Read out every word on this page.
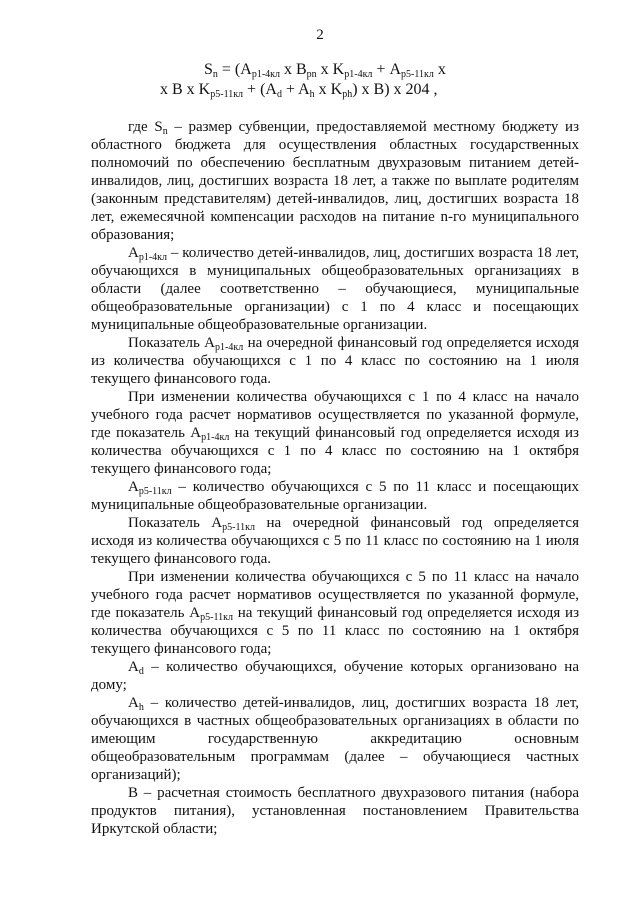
2
$S_n = (A_{p1-4кл}$ x $B_{pn}$ x $K_{p1-4кл} + A_{p5-11кл}$ x
x B x $K_{p5-11кл} + (A_d + A_h$ x $K_{ph}$) x B) x 204 ,

где $S_n$ – размер субвенции, предоставляемой местному бюджету из областного бюджета для осуществления областных государственных полномочий по обеспечению бесплатным двухразовым питанием детей-инвалидов, лиц, достигших возраста 18 лет, а также по выплате родителям (законным представителям) детей-инвалидов, лиц, достигших возраста 18 лет, ежемесячной компенсации расходов на питание n-го муниципального образования;

$A_{p1-4кл}$ – количество детей-инвалидов, лиц, достигших возраста 18 лет, обучающихся в муниципальных общеобразовательных организациях в области (далее соответственно – обучающиеся, муниципальные общеобразовательные организации) с 1 по 4 класс и посещающих муниципальные общеобразовательные организации.

Показатель $A_{p1-4кл}$ на очередной финансовый год определяется исходя из количества обучающихся с 1 по 4 класс по состоянию на 1 июля текущего финансового года.

При изменении количества обучающихся с 1 по 4 класс на начало учебного года расчет нормативов осуществляется по указанной формуле, где показатель $A_{p1-4кл}$ на текущий финансовый год определяется исходя из количества обучающихся с 1 по 4 класс по состоянию на 1 октября текущего финансового года;

$A_{p5-11кл}$ – количество обучающихся с 5 по 11 класс и посещающих муниципальные общеобразовательные организации.

Показатель $A_{p5-11кл}$ на очередной финансовый год определяется исходя из количества обучающихся с 5 по 11 класс по состоянию на 1 июля текущего финансового года.

При изменении количества обучающихся с 5 по 11 класс на начало учебного года расчет нормативов осуществляется по указанной формуле, где показатель $A_{p5-11кл}$ на текущий финансовый год определяется исходя из количества обучающихся с 5 по 11 класс по состоянию на 1 октября текущего финансового года;

$A_d$ – количество обучающихся, обучение которых организовано на дому;

$A_h$ – количество детей-инвалидов, лиц, достигших возраста 18 лет, обучающихся в частных общеобразовательных организациях в области по имеющим государственную аккредитацию основным общеобразовательным программам (далее – обучающиеся частных организаций);

B – расчетная стоимость бесплатного двухразового питания (набора продуктов питания), установленная постановлением Правительства Иркутской области;
